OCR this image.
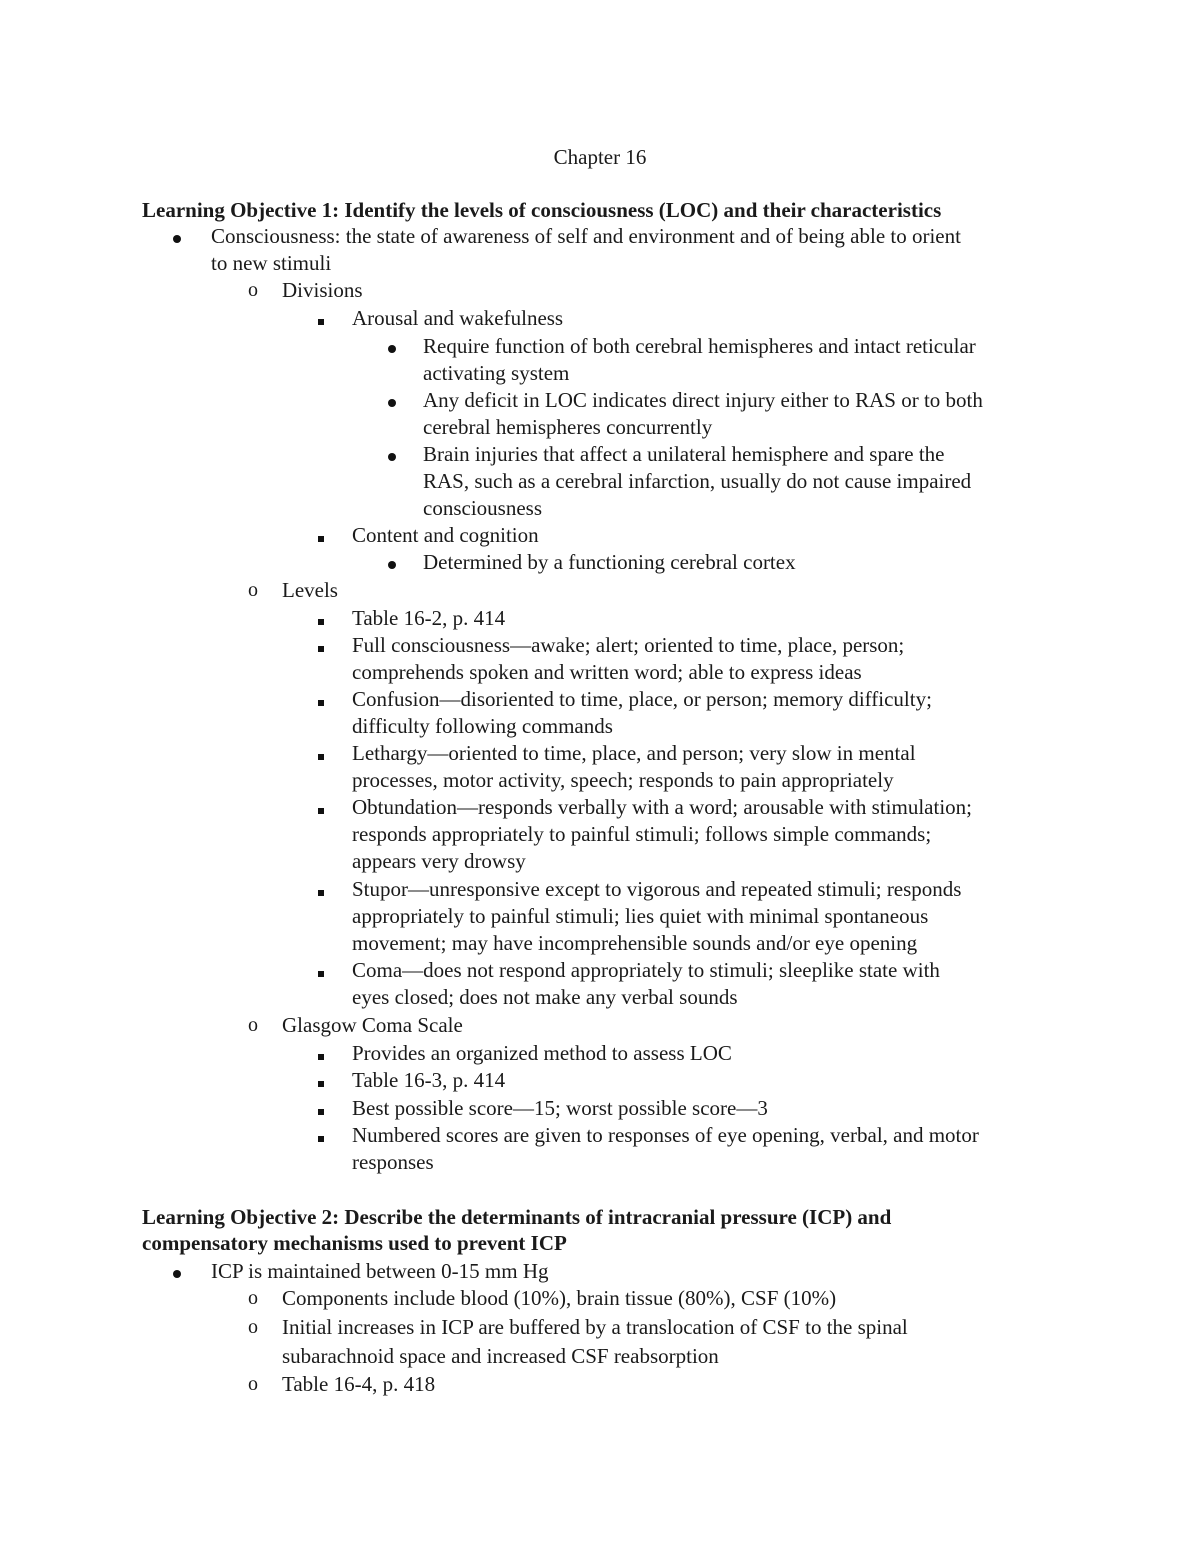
Chapter 16
Learning Objective 1: Identify the levels of consciousness (LOC) and their characteristics
Consciousness: the state of awareness of self and environment and of being able to orient
to new stimuli
o Divisions
Arousal and wakefulness
Require function of both cerebral hemispheres and intact reticular
activating system
Any deficit in LOC indicates direct injury either to RAS or to both
cerebral hemispheres concurrently
Brain injuries that affect a unilateral hemisphere and spare the
RAS, such as a cerebral infarction, usually do not cause impaired
consciousness
Content and cognition
Determined by a functioning cerebral cortex
o Levels
Table 16-2, p. 414
Full consciousness—awake; alert; oriented to time, place, person;
comprehends spoken and written word; able to express ideas
Confusion—disoriented to time, place, or person; memory difficulty;
difficulty following commands
Lethargy—oriented to time, place, and person; very slow in mental
processes, motor activity, speech; responds to pain appropriately
Obtundation—responds verbally with a word; arousable with stimulation;
responds appropriately to painful stimuli; follows simple commands;
appears very drowsy
Stupor—unresponsive except to vigorous and repeated stimuli; responds
appropriately to painful stimuli; lies quiet with minimal spontaneous
movement; may have incomprehensible sounds and/or eye opening
Coma—does not respond appropriately to stimuli; sleeplike state with
eyes closed; does not make any verbal sounds
o Glasgow Coma Scale
Provides an organized method to assess LOC
Table 16-3, p. 414
Best possible score—15; worst possible score—3
Numbered scores are given to responses of eye opening, verbal, and motor
responses
Learning Objective 2: Describe the determinants of intracranial pressure (ICP) and
compensatory mechanisms used to prevent ICP
ICP is maintained between 0-15 mm Hg
o Components include blood (10%), brain tissue (80%), CSF (10%)
o Initial increases in ICP are buffered by a translocation of CSF to the spinal
subarachnoid space and increased CSF reabsorption
o Table 16-4, p. 418
